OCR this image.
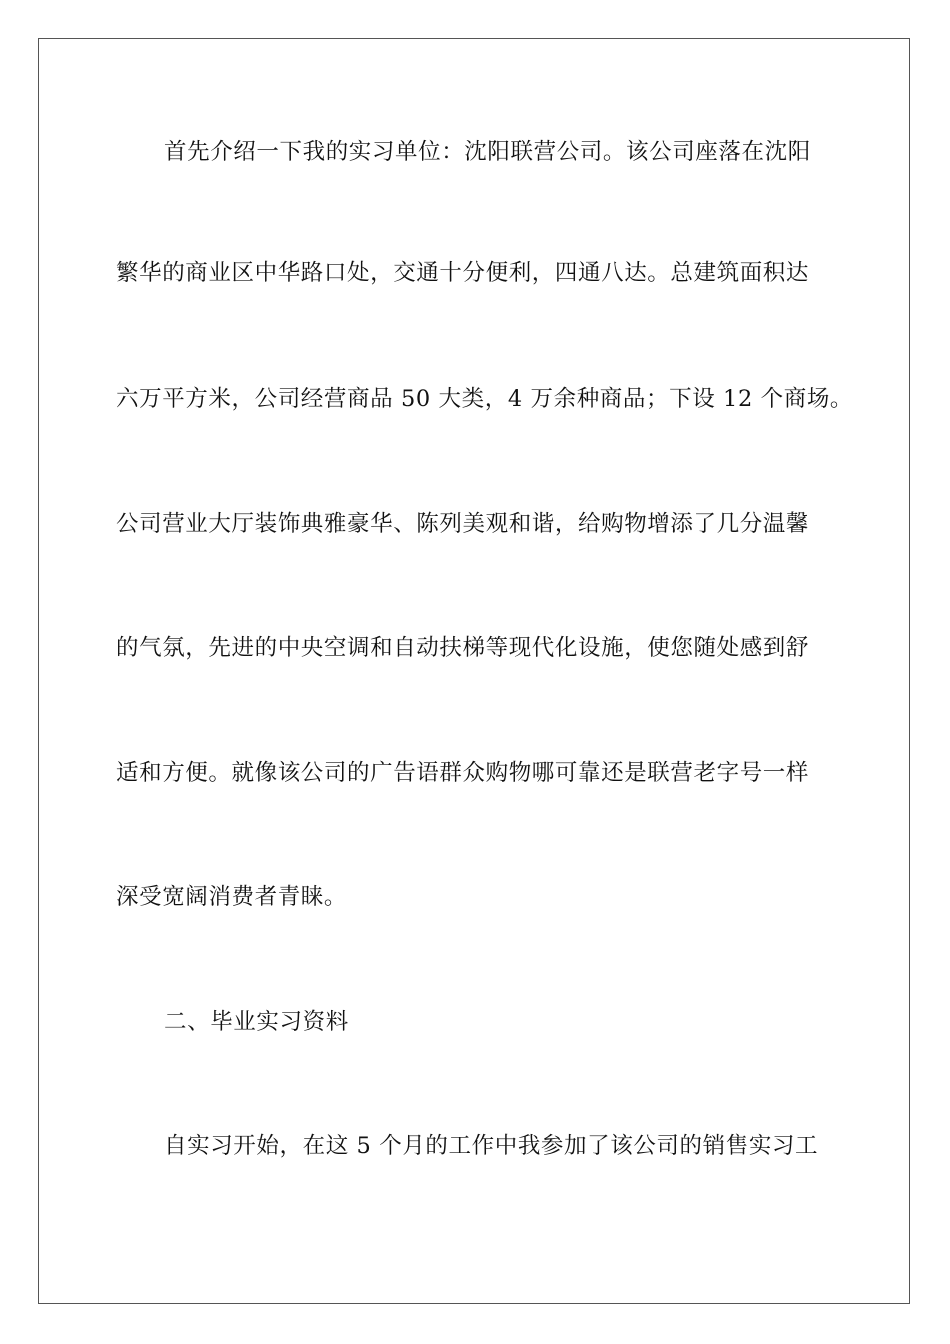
首先介绍一下我的实习单位：沈阳联营公司。该公司座落在沈阳
繁华的商业区中华路口处，交通十分便利，四通八达。总建筑面积达
六万平方米，公司经营商品 50 大类，4 万余种商品；下设 12 个商场。
公司营业大厅装饰典雅豪华、陈列美观和谐，给购物增添了几分温馨
的气氛，先进的中央空调和自动扶梯等现代化设施，使您随处感到舒
适和方便。就像该公司的广告语群众购物哪可靠还是联营老字号一样
深受宽阔消费者青睐。
二、毕业实习资料
自实习开始，在这 5 个月的工作中我参加了该公司的销售实习工
